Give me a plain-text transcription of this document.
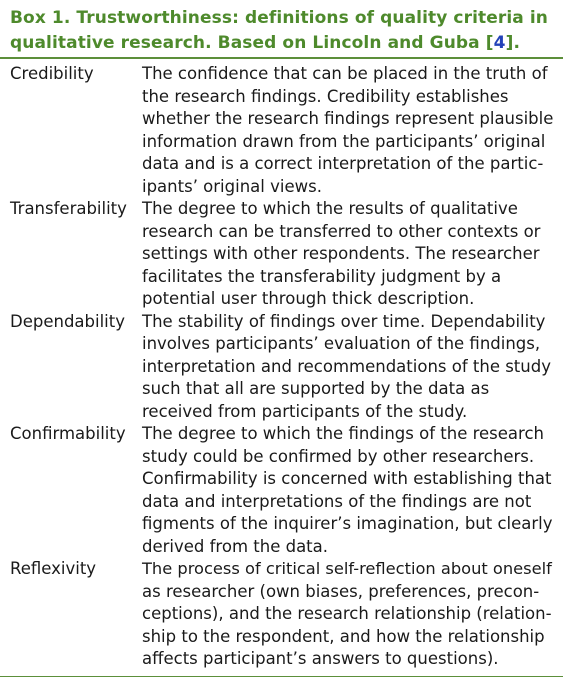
Box 1. Trustworthiness: definitions of quality criteria in
qualitative research. Based on Lincoln and Guba [4].
Credibility	The confidence that can be placed in the truth of
the research findings. Credibility establishes
whether the research findings represent plausible
information drawn from the participants’ original
data and is a correct interpretation of the partic-
ipants’ original views.
Transferability The degree to which the results of qualitative
research can be transferred to other contexts or
settings with other respondents. The researcher
facilitates the transferability judgment by a
potential user through thick description.
Dependability	The stability of findings over time. Dependability
involves participants’ evaluation of the findings,
interpretation and recommendations of the study
such that all are supported by the data as
received from participants of the study.
Confirmability The degree to which the findings of the research
study could be confirmed by other researchers.
Confirmability is concerned with establishing that
data and interpretations of the findings are not
figments of the inquirer’s imagination, but clearly
derived from the data.
Reflexivity	The process of critical self-reflection about oneself
as researcher (own biases, preferences, precon-
ceptions), and the research relationship (relation-
ship to the respondent, and how the relationship
affects participant’s answers to questions).
